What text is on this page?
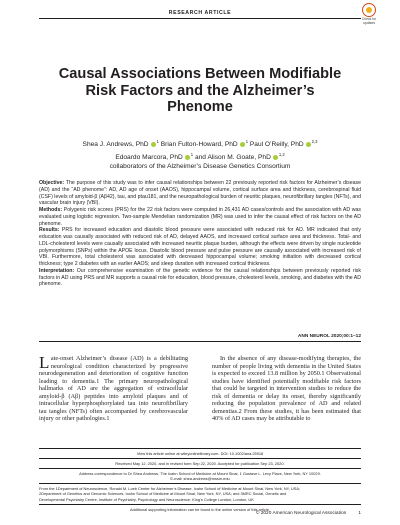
RESEARCH ARTICLE
Check for
updates
Causal Associations Between Modifiable
Risk Factors and the Alzheimer’s
Phenome
Shea J. Andrews, PhD $^1$ Brian Fulton-Howard, PhD $^1$ Paul O’Reilly, PhD $^{2,3}$
Edoardo Marcora, PhD $^1$ and Alison M. Goate, PhD $^{1,2}$
collaborators of the Alzheimer’s Disease Genetics Consortium

Objective: The purpose of this study was to infer causal relationships between 22 previously reported risk factors for Alzheimer’s disease (AD) and the “AD phenome”: AD, AD age of onset (AAOS), hippocampal volume, cortical surface area and thickness, cerebrospinal fluid (CSF) levels of amyloid-β (Aβ42), tau, and ptau181, and the neuropathological burden of neuritic plaques, neurofibrillary tangles (NFTs), and vascular brain injury (VBI).

Methods: Polygenic risk scores (PRS) for the 22 risk factors were computed in 26,431 AD cases/controls and the association with AD was evaluated using logistic regression. Two-sample Mendelian randomization (MR) was used to infer the causal effect of risk factors on the AD phenome.

Results: PRS for increased education and diastolic blood pressure were associated with reduced risk for AD. MR indicated that only education was causally associated with reduced risk of AD, delayed AAOS, and increased cortical surface area and thickness. Total- and LDL-cholesterol levels were causally associated with increased neuritic plaque burden, although the effects were driven by single nucleotide polymorphisms (SNPs) within the APOE locus. Diastolic blood pressure and pulse pressure are causally associated with increased risk of VBI. Furthermore, total cholesterol was associated with decreased hippocampal volume; smoking initiation with decreased cortical thickness; type 2 diabetes with an earlier AAOS; and sleep duration with increased cortical thickness.

Interpretation: Our comprehensive examination of the genetic evidence for the causal relationships between previously reported risk factors in AD using PRS and MR supports a causal role for education, blood pressure, cholesterol levels, smoking, and diabetes with the AD phenome.

ANN NEUROL 2020;00:1–12
Late-onset Alzheimer’s disease (AD) is a debilitating neurological condition characterized by progressive neurodegeneration and deterioration of cognitive function leading to dementia.1 The primary neuropathological hallmarks of AD are the aggregation of extracellular amyloid-β (Aβ) peptides into amyloid plaques and of intracellular hyperphosphorylated tau into neurofibrillary tau tangles (NFTs) often accompanied by cerebrovascular injury or other pathologies.1

In the absence of any disease-modifying therapies, the number of people living with dementia in the United States is expected to exceed 13.8 million by 2050.1 Observational studies have identified potentially modifiable risk factors that could be targeted in intervention studies to reduce the risk of dementia or delay its onset, thereby significantly reducing the population prevalence of AD and related dementias.2 From these studies, it has been estimated that 40% of AD cases may be attributable to

View this article online at wileyonlinelibrary.com. DOI: 10.1002/ana.25918
Received May 12, 2020, and in revised form Sep 22, 2020. Accepted for publication Sep 23, 2020.
Address correspondence to Dr Shea Andrews, The Icahn School of Medicine at Mount Sinai, 1 Gustave L. Levy Place, New York, NY 10029.
E-mail: shea.andrews@mssm.edu
From the 1Department of Neuroscience, Ronald M. Loeb Center for Alzheimer’s Disease, Icahn School of Medicine at Mount Sinai, New York, NY, USA;
2Department of Genetics and Genomic Sciences, Icahn School of Medicine at Mount Sinai, New York, NY, USA; and 3MRC Social, Genetic and
Developmental Psychiatry Centre, Institute of Psychiatry, Psychology and Neuroscience, King’s College London, London, UK
Additional supporting information can be found in the online version of this article.
© 2020 American Neurological Association	1
